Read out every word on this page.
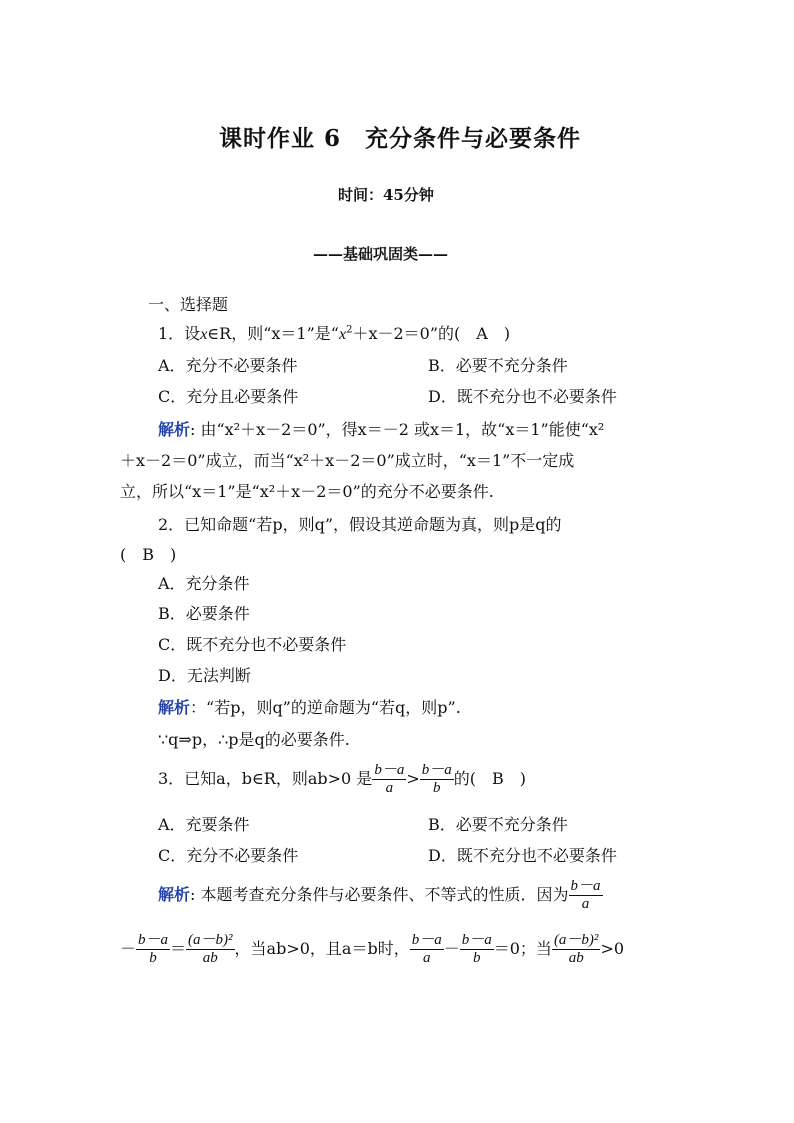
课时作业 6　充分条件与必要条件
时间：45分钟
——基础巩固类——
一、选择题
1．设x∈R，则“x＝1”是“$x^2+x-2=0$”的(　A　)
A．充分不必要条件	B．必要不充分条件
C．充分且必要条件	D．既不充分也不必要条件
解析: 由“x²＋x－2＝0”，得x＝－2 或x＝1，故“x＝1”能使“x²
＋x－2＝0”成立，而当“x²＋x－2＝0”成立时，“x＝1”不一定成
立，所以“x＝1”是“x²＋x－2＝0”的充分不必要条件.
2．已知命题“若p，则q”，假设其逆命题为真，则p是q的
(　B　)
A．充分条件
B．必要条件
C．既不充分也不必要条件
D．无法判断
解析：“若p，则q”的逆命题为“若q，则p”.
∵q⇒p，∴p是q的必要条件.
3．已知a，b∈R，则ab>0 是 $\frac{b-a}{a} > \frac{b-a}{b}$ 的(　B　)
A．充要条件	B．必要不充分条件
C．充分不必要条件	D．既不充分也不必要条件
解析: 本题考查充分条件与必要条件、不等式的性质．因为 $\frac{b-a}{a}$
－ $\frac{b-a}{b} = \frac{\text{(a－b)²}}{ab}$ ，当ab>0，且a＝b时， $\frac{b-a}{a} - \frac{b-a}{b} =0$；当 $\frac{\text{(a－b)²}}{ab} >0$
